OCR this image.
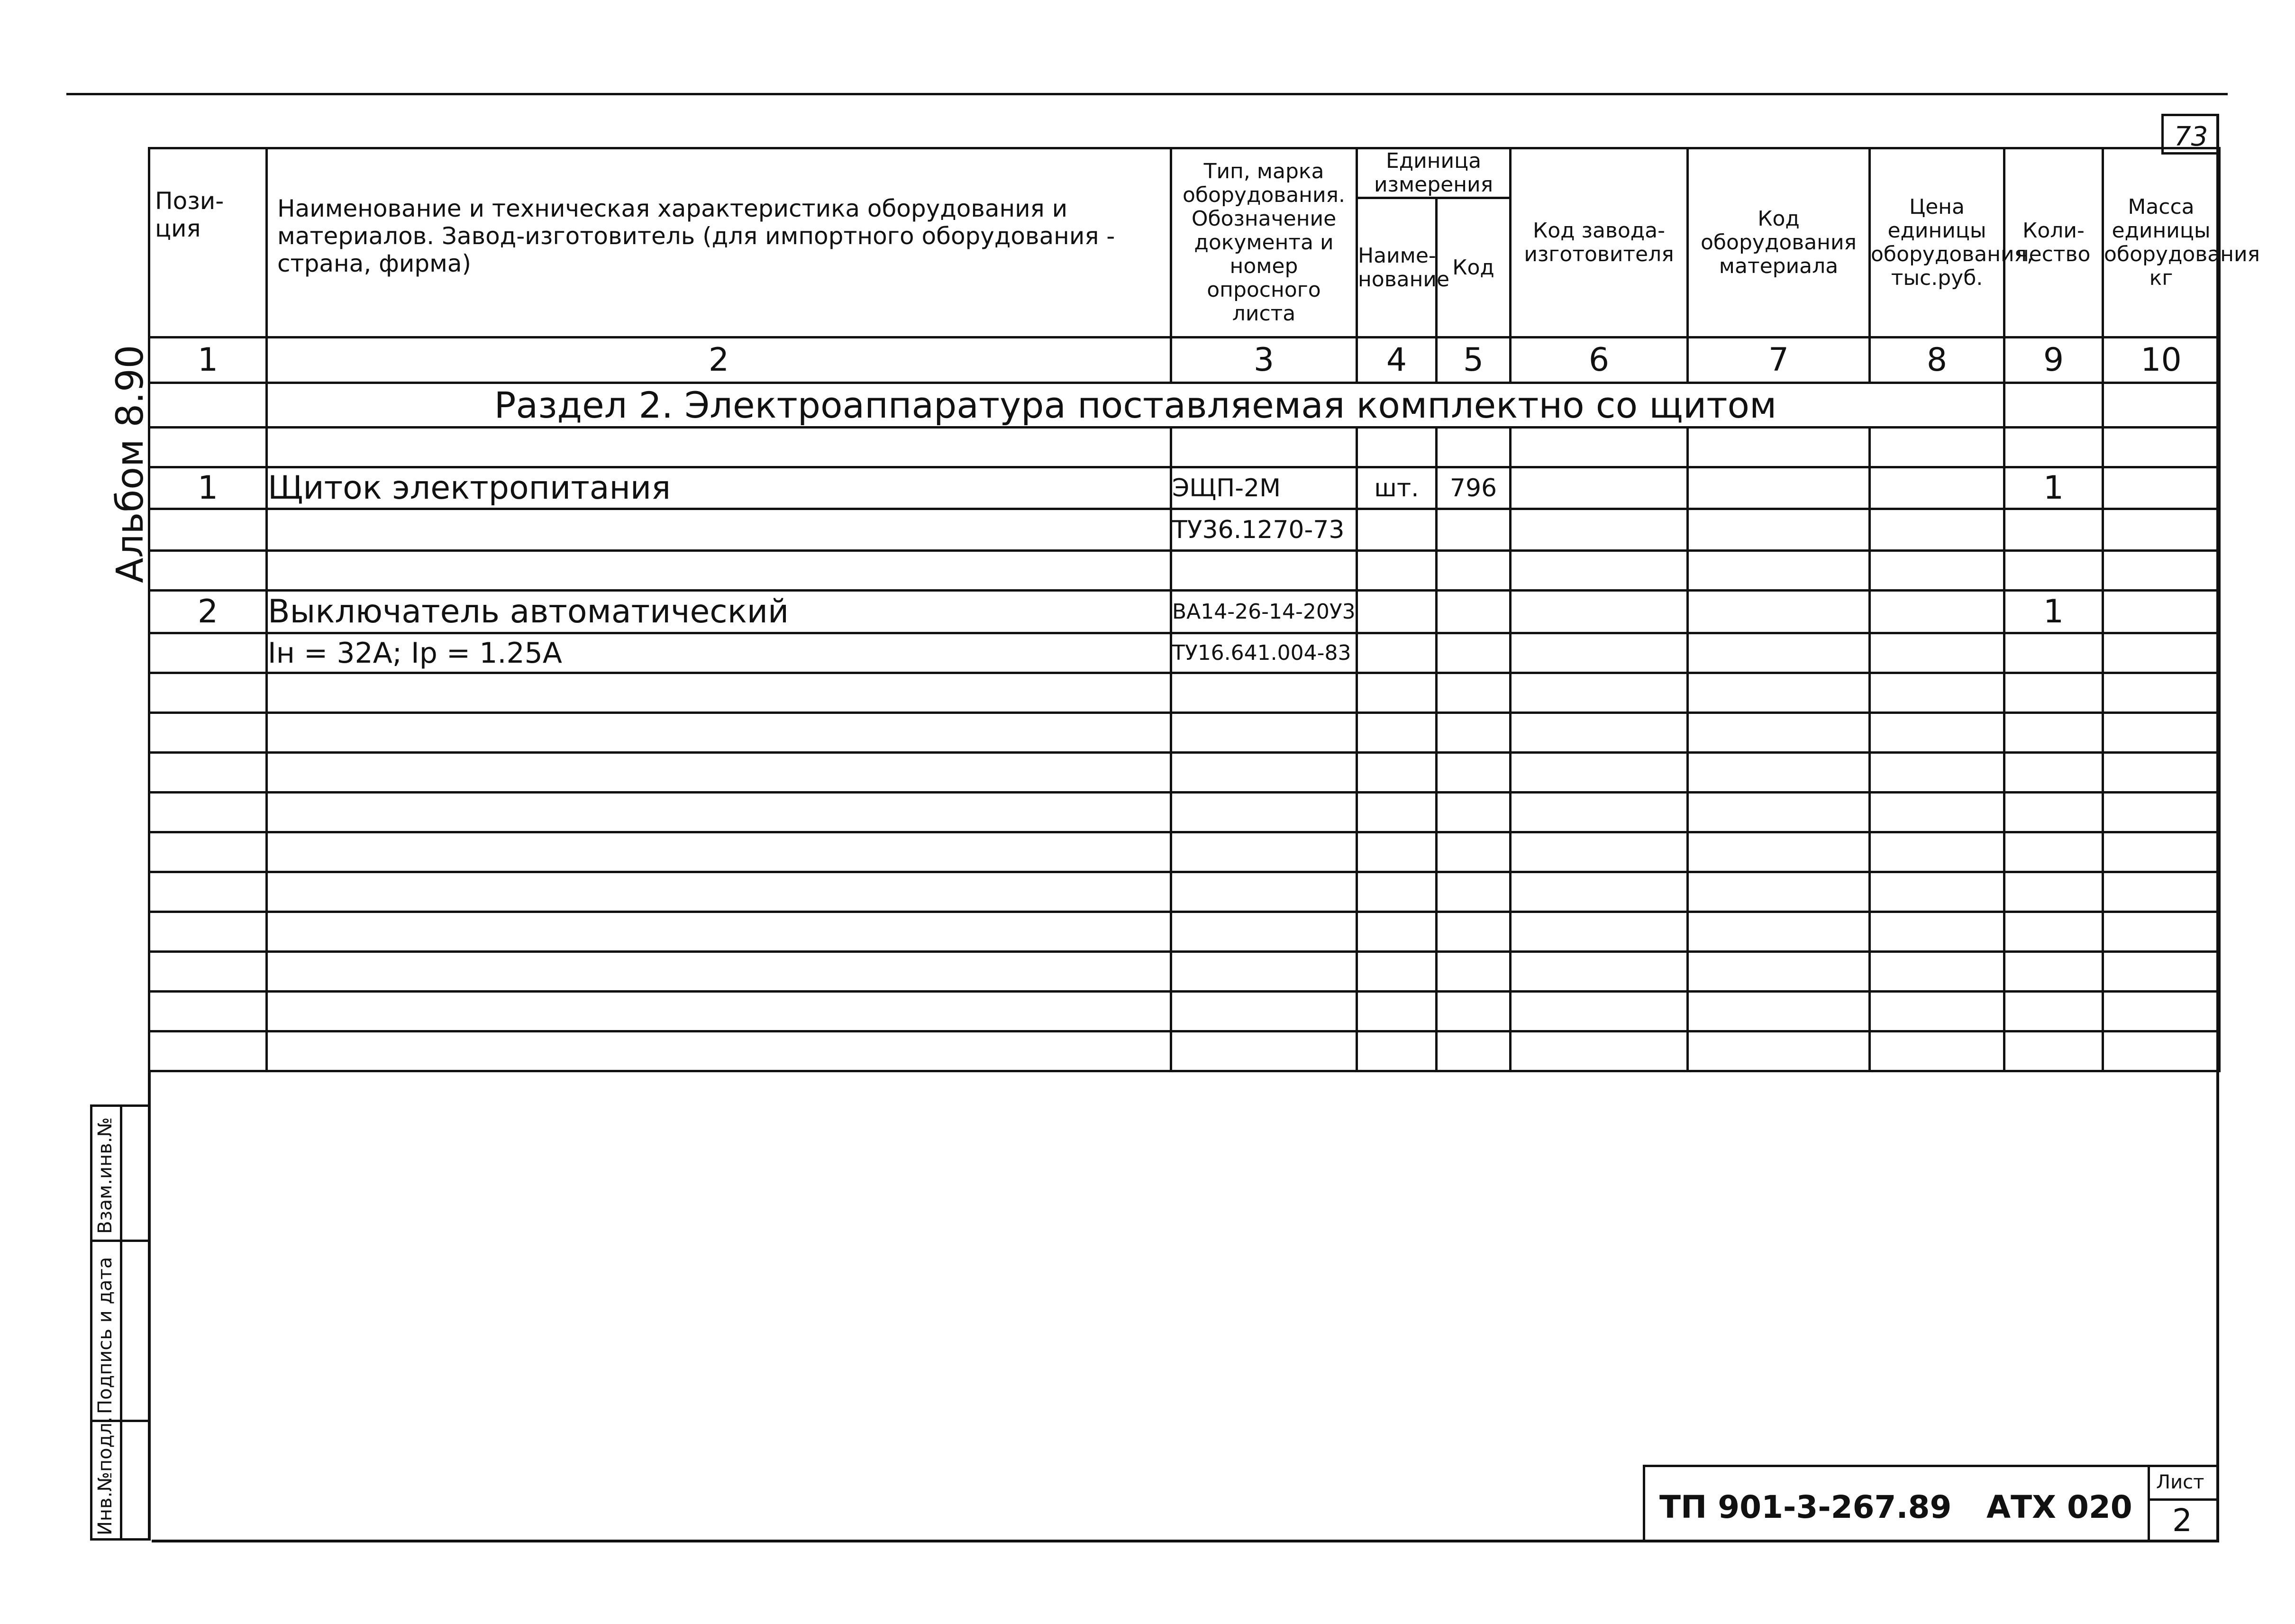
73
Альбом 8.90
Пози- ция	Наименование и техническая характеристика оборудования и материалов. Завод-изготовитель (для импортного оборудования - страна, фирма)	Тип, марка оборудования. Обозначение документа и номер опросного листа	Единица измерения		Код завода-изготовителя	Код оборудования материала	Цена единицы оборудования, тыс.руб.	Коли-чество	Масса единицы оборудования кг
			Наиме-нование	Код					
1	2	3	4	5	6	7	8	9	10
	Раздел 2. Электроаппаратура поставляемая комплектно со щитом								

1	Щиток электропитания	ЭЩП-2М	шт.	796				1	
		ТУ36.1270-73							

2	Выключатель автоматический	ВА14-26-14-20У3						1	
	Iн = 32А; Iр = 1.25А	ТУ16.641.004-83							

Взам.инв.№
Подпись и дата
Инв.№подл.	ТП 901-3-267.89 АТХ 020
Лист
2
